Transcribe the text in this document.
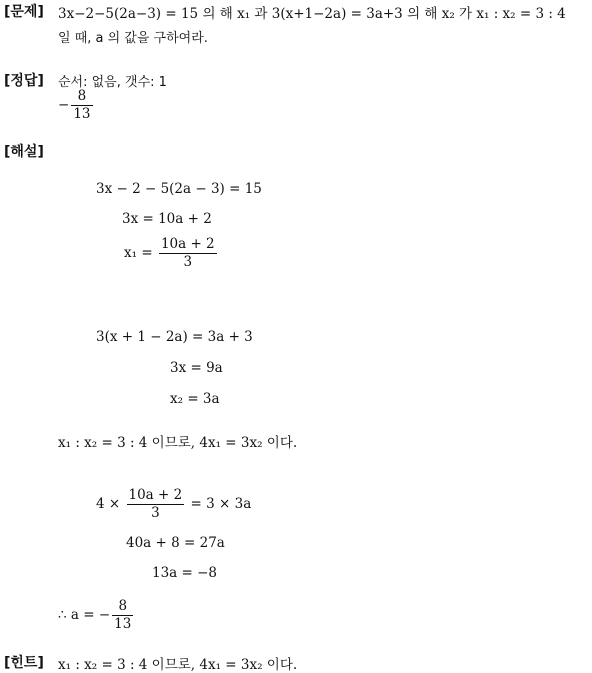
[문제] 3x−2−5(2a−3) = 15 의 해 x₁ 과 3(x+1−2a) = 3a+3 의 해 x₂ 가 x₁ : x₂ = 3 : 4
일 때, a 의 값을 구하여라.
[정답] 순서: 없음, 갯수: 1
− $\frac{8}{13}$
[해설]
3x − 2 − 5(2a − 3) = 15
3x = 10a + 2
$x_1 = \frac{10a + 2}{3}$
3(x + 1 − 2a) = 3a + 3
3x = 9a
x₂ = 3a
x₁ : x₂ = 3 : 4 이므로, 4x₁ = 3x₂ 이다.
$4 \times \frac{10a + 2}{3} = 3 \times 3a$
40a + 8 = 27a
13a = −8
∴ a = − $\frac{8}{13}$
[힌트] x₁ : x₂ = 3 : 4 이므로, 4x₁ = 3x₂ 이다.
